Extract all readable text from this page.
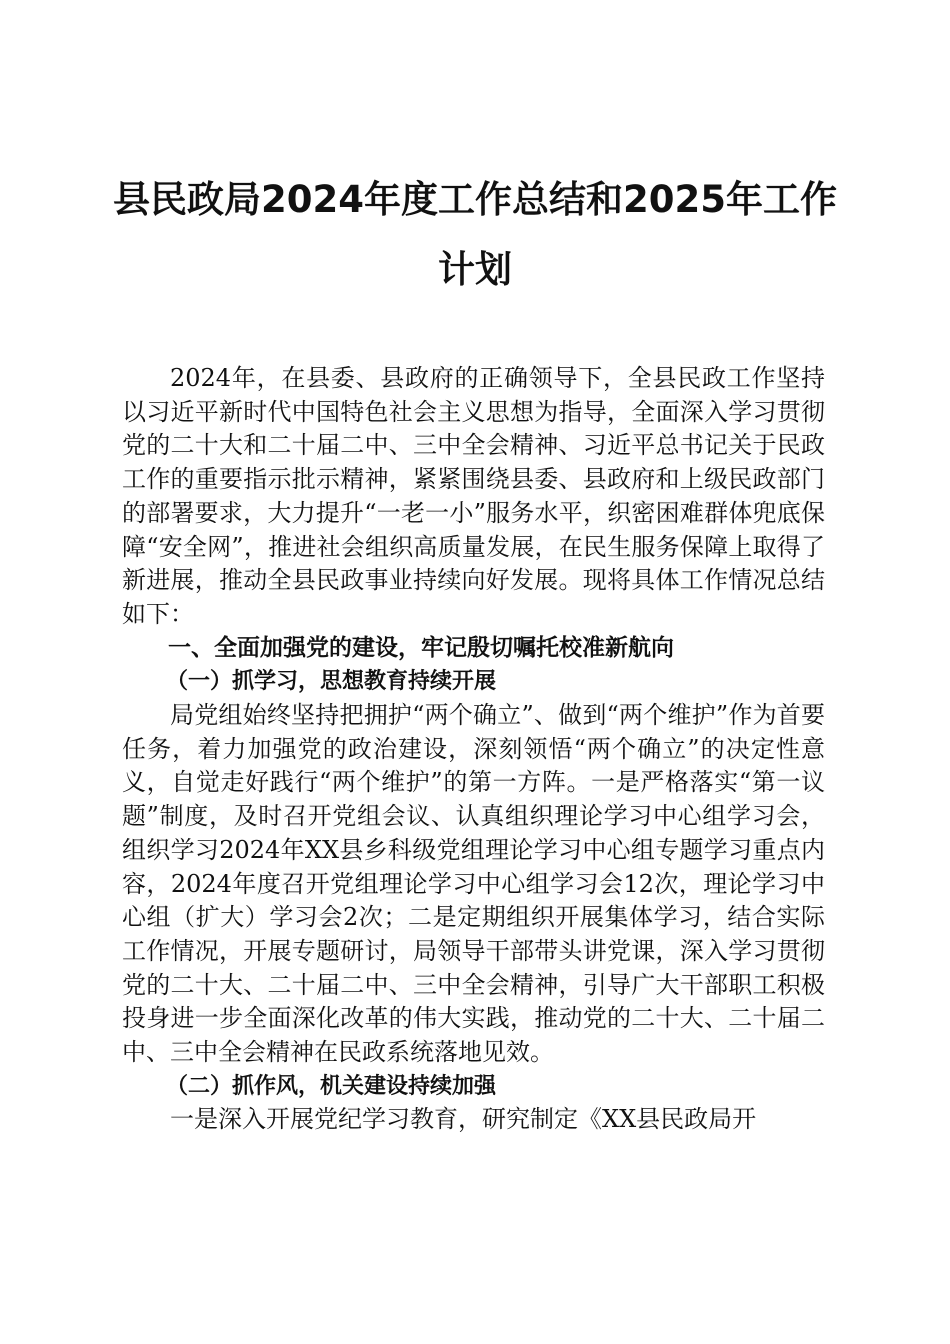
县民政局2024年度工作总结和2025年工作计划

2024年，在县委、县政府的正确领导下，全县民政工作坚持以习近平新时代中国特色社会主义思想为指导，全面深入学习贯彻党的二十大和二十届二中、三中全会精神、习近平总书记关于民政工作的重要指示批示精神，紧紧围绕县委、县政府和上级民政部门的部署要求，大力提升“一老一小”服务水平，织密困难群体兜底保障“安全网”，推进社会组织高质量发展，在民生服务保障上取得了新进展，推动全县民政事业持续向好发展。现将具体工作情况总结如下：

一、全面加强党的建设，牢记殷切嘱托校准新航向

（一）抓学习，思想教育持续开展

局党组始终坚持把拥护“两个确立”、做到“两个维护”作为首要任务，着力加强党的政治建设，深刻领悟“两个确立”的决定性意义，自觉走好践行“两个维护”的第一方阵。一是严格落实“第一议题”制度，及时召开党组会议、认真组织理论学习中心组学习会，组织学习2024年XX县乡科级党组理论学习中心组专题学习重点内容，2024年度召开党组理论学习中心组学习会12次，理论学习中心组（扩大）学习会2次；二是定期组织开展集体学习，结合实际工作情况，开展专题研讨，局领导干部带头讲党课，深入学习贯彻党的二十大、二十届二中、三中全会精神，引导广大干部职工积极投身进一步全面深化改革的伟大实践，推动党的二十大、二十届二中、三中全会精神在民政系统落地见效。

（二）抓作风，机关建设持续加强

一是深入开展党纪学习教育，研究制定《XX县民政局开
